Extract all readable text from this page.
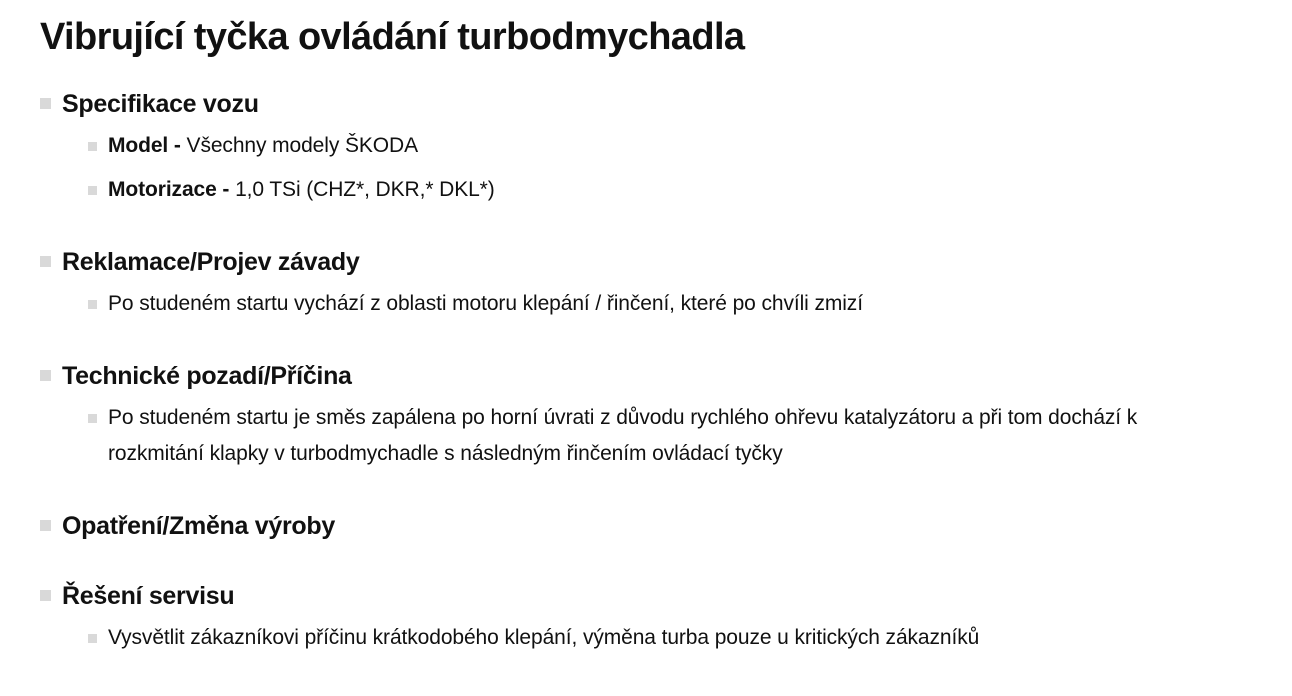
Vibrující tyčka ovládání turbodmychadla
Specifikace vozu

Model - Všechny modely ŠKODA

Motorizace - 1,0 TSi (CHZ*, DKR,* DKL*)

Reklamace/Projev závady

Po studeném startu vychází z oblasti motoru klepání / řinčení, které po chvíli zmizí

Technické pozadí/Příčina

Po studeném startu je směs zapálena po horní úvrati z důvodu rychlého ohřevu katalyzátoru a při tom dochází k rozkmitání klapky v turbodmychadle s následným řinčením ovládací tyčky

Opatření/Změna výroby
Řešení servisu

Vysvětlit zákazníkovi příčinu krátkodobého klepání, výměna turba pouze u kritických zákazníků
